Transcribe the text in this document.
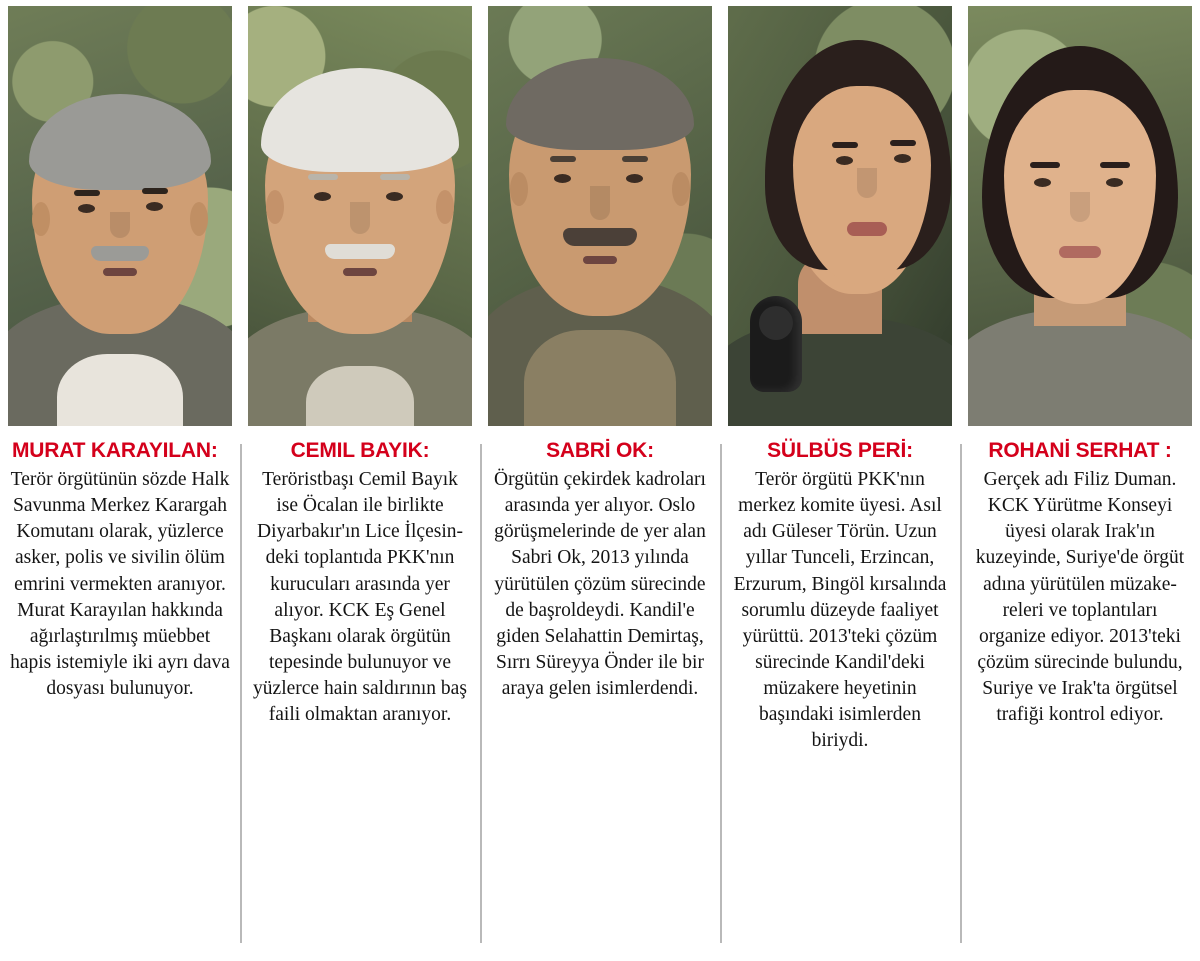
MURAT KARAYILAN:
Terör örgütünün sözde Halk Savunma Merkez Karargah Komutanı olarak, yüzlerce asker, polis ve sivilin ölüm emrini vermekten aranıyor. Murat Karayılan hakkında ağırlaştırılmış müebbet hapis istemiyle iki ayrı dava dosyası bulunuyor.
CEMIL BAYIK:
Teröristbaşı Cemil Bayık ise Öcalan ile birlikte Diyarbakır'ın Lice İlçesindeki toplantıda PKK'nın kurucuları arasında yer alıyor. KCK Eş Genel Başkanı olarak örgütün tepesinde bulunuyor ve yüzlerce hain saldırının baş faili olmaktan aranıyor.
SABRİ OK:
Örgütün çekirdek kadroları arasında yer alıyor. Oslo görüşmelerinde de yer alan Sabri Ok, 2013 yılında yürütülen çözüm sürecinde de başroldeydi. Kandil'e giden Selahattin Demirtaş, Sırrı Süreyya Önder ile bir araya gelen isimlerdendi.
SÜLBÜS PERİ:
Terör örgütü PKK'nın merkez komite üyesi. Asıl adı Güleser Törün. Uzun yıllar Tunceli, Erzincan, Erzurum, Bingöl kırsalında sorumlu düzeyde faaliyet yürüttü. 2013'teki çözüm sürecinde Kandil'deki müzakere heyetinin başındaki isimlerden biriydi.
ROHANİ SERHAT :
Gerçek adı Filiz Duman. KCK Yürütme Konseyi üyesi olarak Irak'ın kuzeyinde, Suriye'de örgüt adına yürütülen müzakereleri ve toplantıları organize ediyor. 2013'teki çözüm sürecinde bulundu, Suriye ve Irak'ta örgütsel trafiği kontrol ediyor.
